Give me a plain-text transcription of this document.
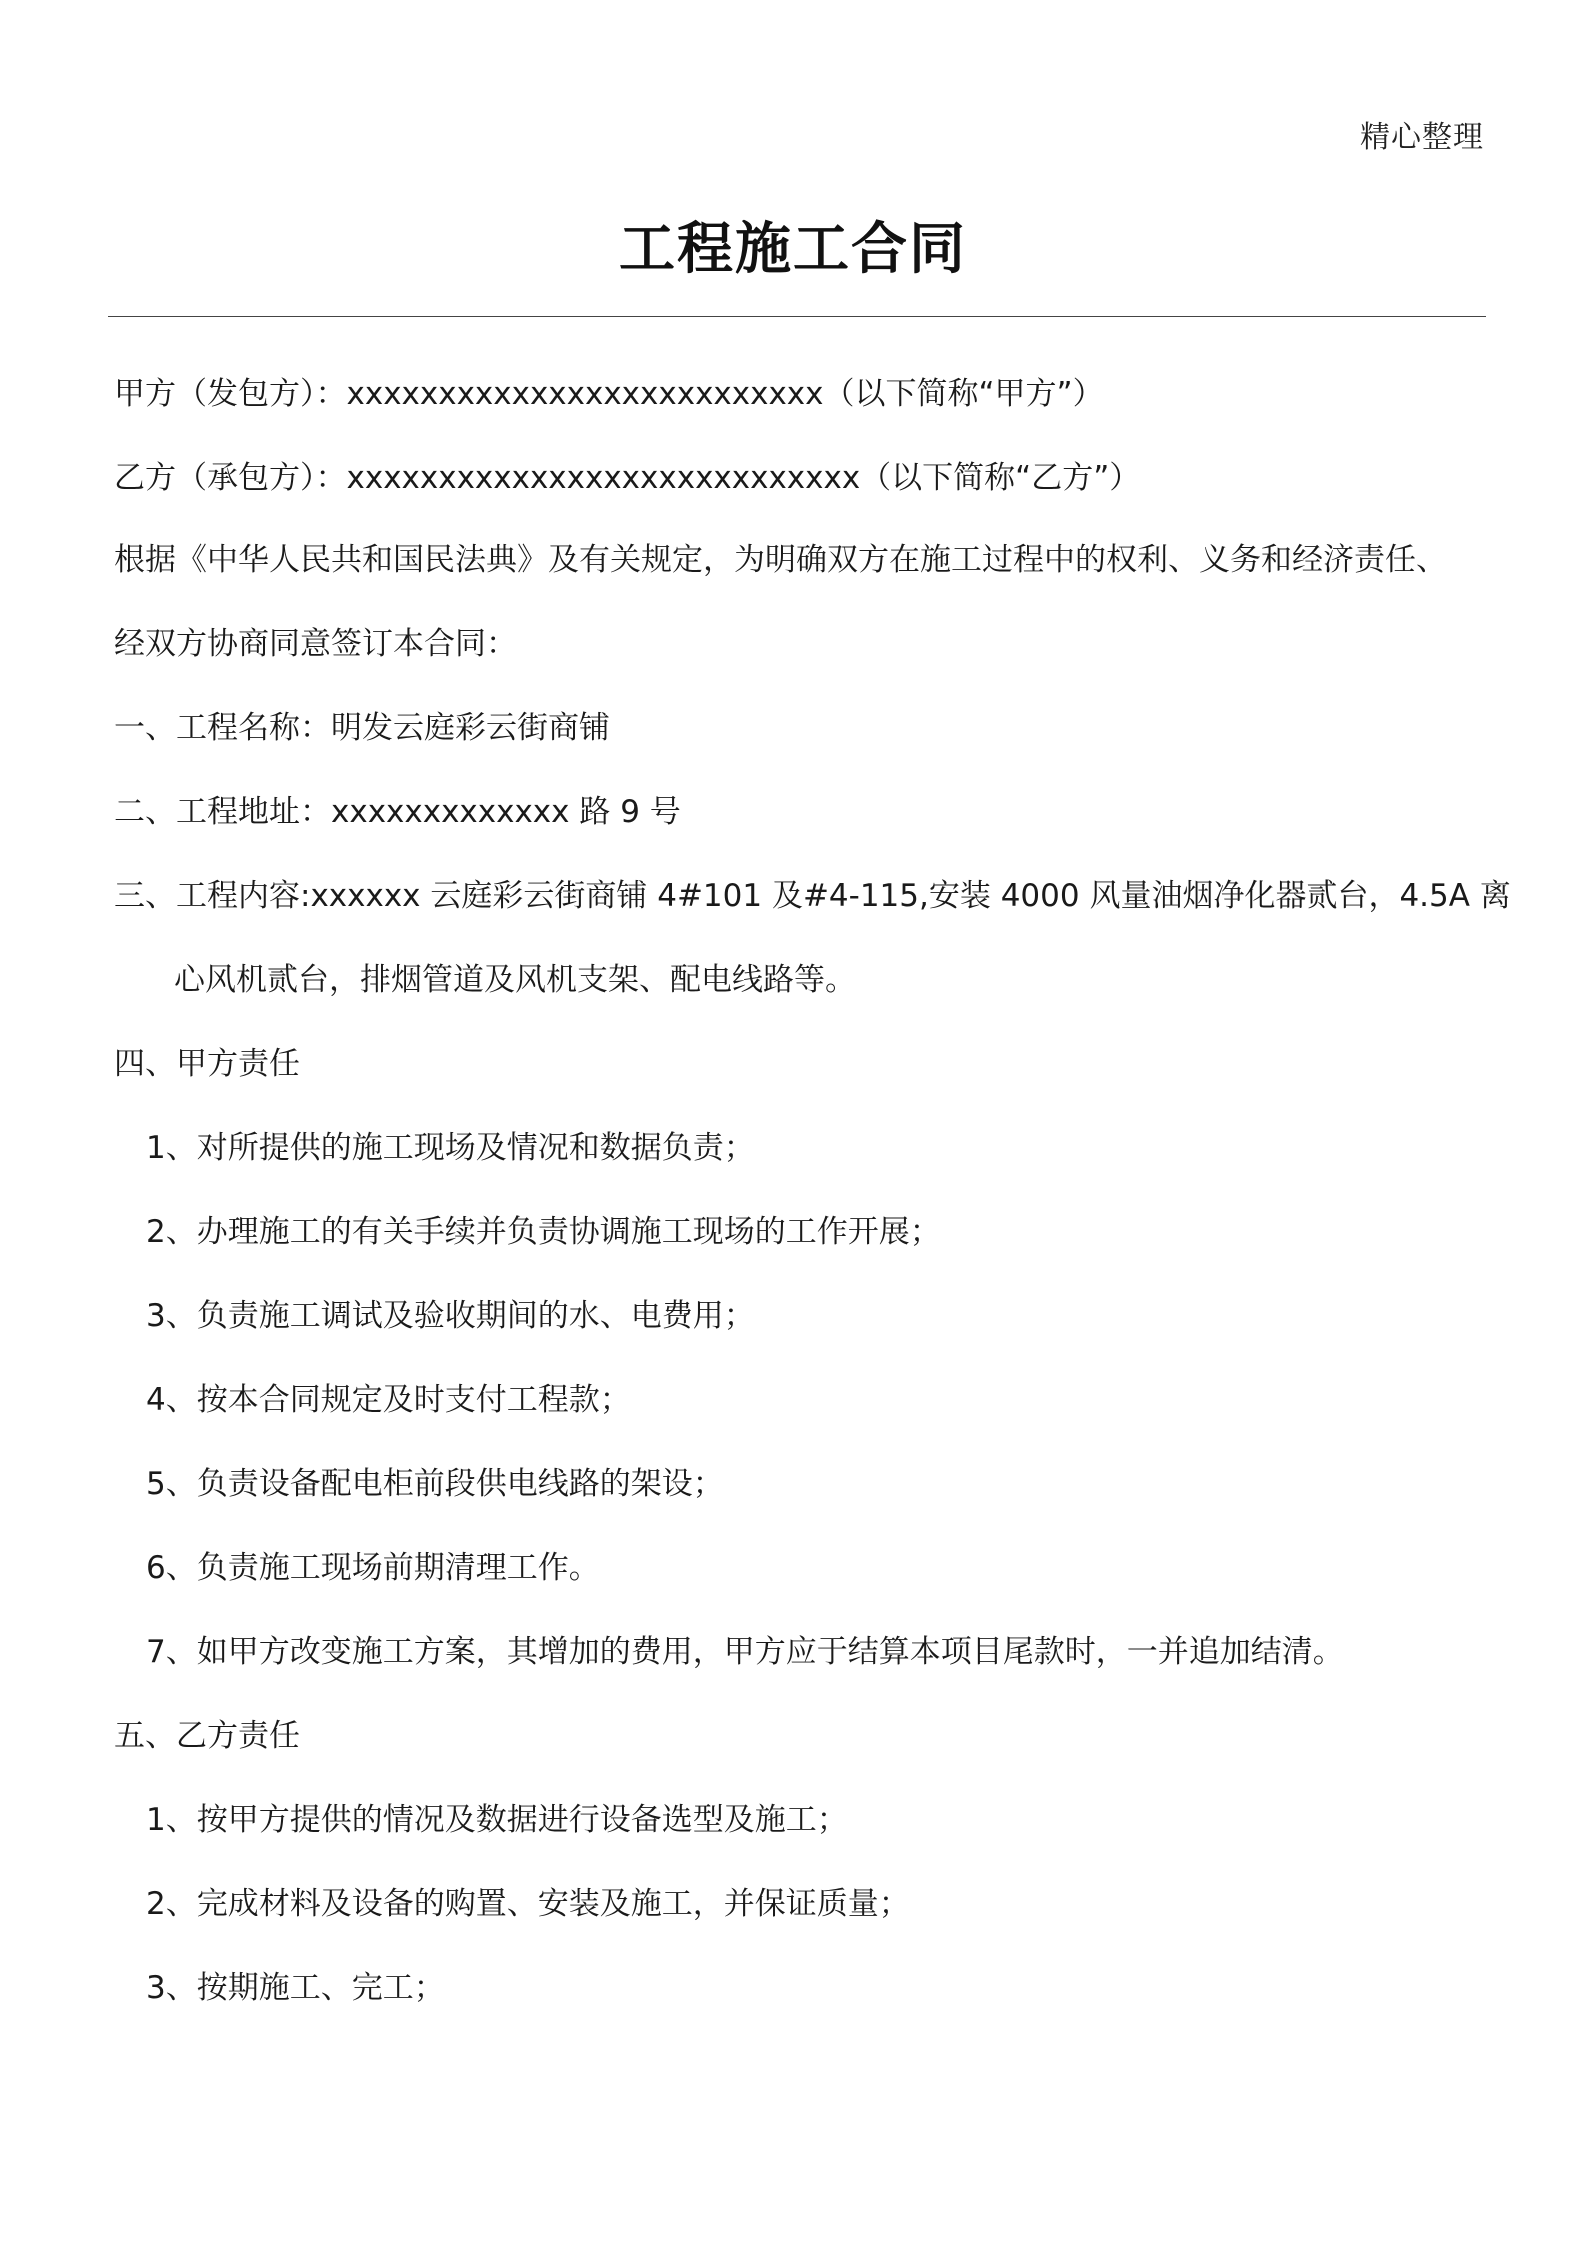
精心整理
工程施工合同
甲方（发包方）：xxxxxxxxxxxxxxxxxxxxxxxxxx（以下简称“甲方”）
乙方（承包方）：xxxxxxxxxxxxxxxxxxxxxxxxxxxx（以下简称“乙方”）
根据《中华人民共和国民法典》及有关规定，为明确双方在施工过程中的权利、义务和经济责任、
经双方协商同意签订本合同：
一、工程名称：明发云庭彩云街商铺
二、工程地址：xxxxxxxxxxxxx 路 9 号
三、工程内容:xxxxxx 云庭彩云街商铺 4#101 及#4-115,安装 4000 风量油烟净化器贰台，4.5A 离
心风机贰台，排烟管道及风机支架、配电线路等。
四、甲方责任
1、对所提供的施工现场及情况和数据负责；
2、办理施工的有关手续并负责协调施工现场的工作开展；
3、负责施工调试及验收期间的水、电费用；
4、按本合同规定及时支付工程款；
5、负责设备配电柜前段供电线路的架设；
6、负责施工现场前期清理工作。
7、如甲方改变施工方案，其增加的费用，甲方应于结算本项目尾款时，一并追加结清。
五、乙方责任
1、按甲方提供的情况及数据进行设备选型及施工；
2、完成材料及设备的购置、安装及施工，并保证质量；
3、按期施工、完工；
